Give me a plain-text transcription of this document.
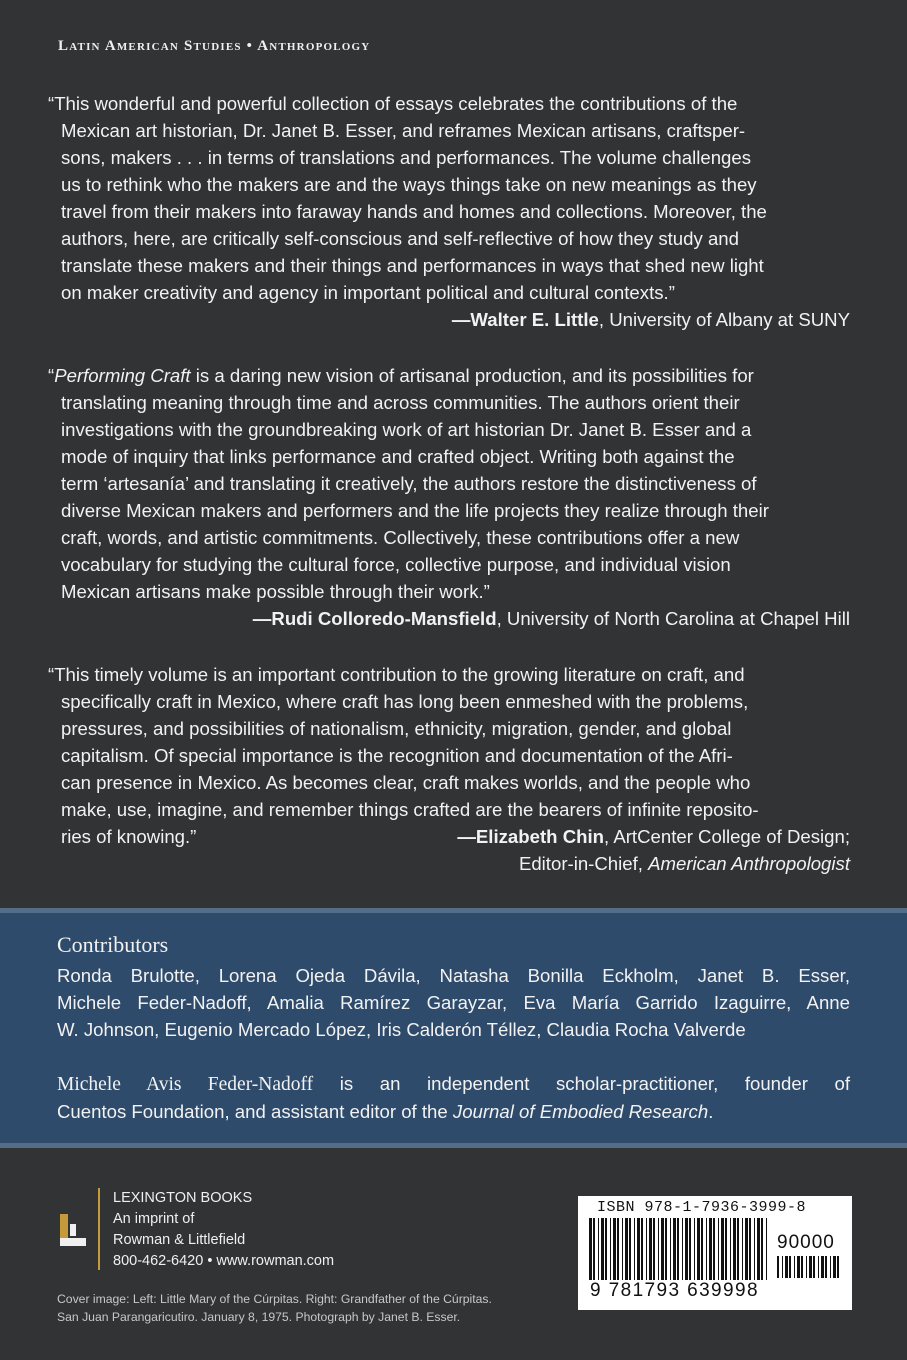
Latin American Studies • Anthropology

“This wonderful and powerful collection of essays celebrates the contributions of the

Mexican art historian, Dr. Janet B. Esser, and reframes Mexican artisans, craftsper-

sons, makers . . . in terms of translations and performances. The volume challenges

us to rethink who the makers are and the ways things take on new meanings as they

travel from their makers into faraway hands and homes and collections. Moreover, the

authors, here, are critically self-conscious and self-reflective of how they study and

translate these makers and their things and performances in ways that shed new light

on maker creativity and agency in important political and cultural contexts.”

—Walter E. Little, University of Albany at SUNY

“Performing Craft is a daring new vision of artisanal production, and its possibilities for

translating meaning through time and across communities. The authors orient their

investigations with the groundbreaking work of art historian Dr. Janet B. Esser and a

mode of inquiry that links performance and crafted object. Writing both against the

term ‘artesanía’ and translating it creatively, the authors restore the distinctiveness of

diverse Mexican makers and performers and the life projects they realize through their

craft, words, and artistic commitments. Collectively, these contributions offer a new

vocabulary for studying the cultural force, collective purpose, and individual vision

Mexican artisans make possible through their work.”

—Rudi Colloredo-Mansfield, University of North Carolina at Chapel Hill

“This timely volume is an important contribution to the growing literature on craft, and

specifically craft in Mexico, where craft has long been enmeshed with the problems,

pressures, and possibilities of nationalism, ethnicity, migration, gender, and global

capitalism. Of special importance is the recognition and documentation of the Afri-

can presence in Mexico. As becomes clear, craft makes worlds, and the people who

make, use, imagine, and remember things crafted are the bearers of infinite reposito-

ries of knowing.”	—Elizabeth Chin, ArtCenter College of Design;
Editor-in-Chief, American Anthropologist
Contributors
Ronda Brulotte, Lorena Ojeda Dávila, Natasha Bonilla Eckholm, Janet B. Esser,
Michele Feder-Nadoff, Amalia Ramírez Garayzar, Eva María Garrido Izaguirre, Anne
W. Johnson, Eugenio Mercado López, Iris Calderón Téllez, Claudia Rocha Valverde
Michele Avis Feder-Nadoff is an independent scholar-practitioner, founder of
Cuentos Foundation, and assistant editor of the Journal of Embodied Research.
LEXINGTON BOOKS
An imprint of
Rowman & Littlefield
800-462-6420 • www.rowman.com
Cover image: Left: Little Mary of the Cúrpitas. Right: Grandfather of the Cúrpitas.
San Juan Parangaricutiro. January 8, 1975. Photograph by Janet B. Esser.
ISBN 978-1-7936-3999-8
9 781793 639998
90000
